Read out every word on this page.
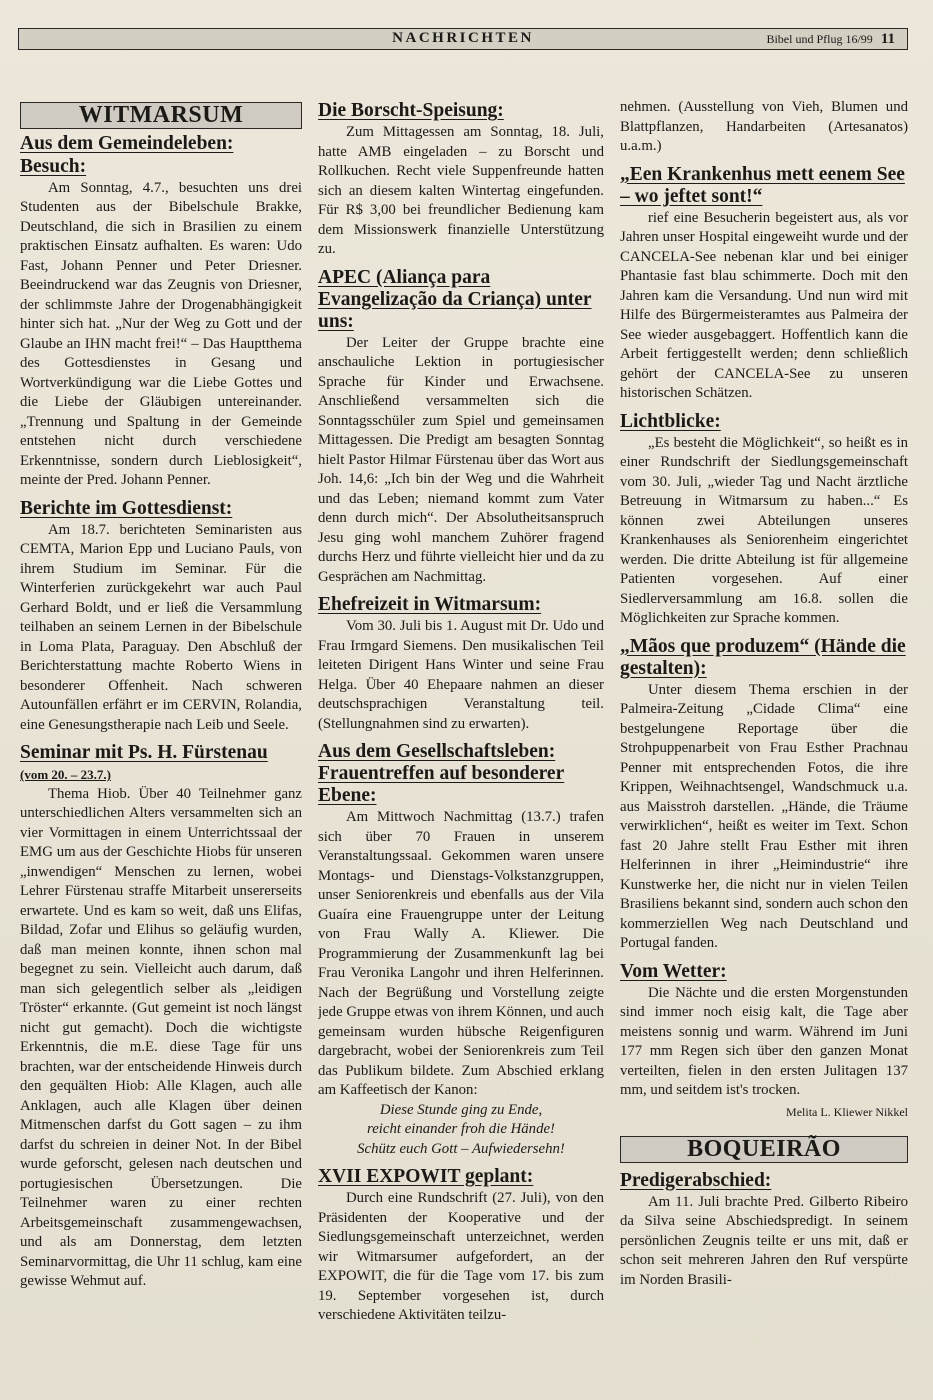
NACHRICHTEN	Bibel und Pflug 16/99 11
WITMARSUM
Aus dem Gemeindeleben:
Besuch:

Am Sonntag, 4.7., besuchten uns drei Studenten aus der Bibelschule Brakke, Deutschland, die sich in Brasilien zu einem praktischen Einsatz aufhalten. Es waren: Udo Fast, Johann Penner und Peter Driesner. Beeindruckend war das Zeugnis von Driesner, der schlimmste Jahre der Drogenabhängigkeit hinter sich hat. „Nur der Weg zu Gott und der Glaube an IHN macht frei!“ – Das Hauptthema des Gottesdienstes in Gesang und Wortverkündigung war die Liebe Gottes und die Liebe der Gläubigen untereinander. „Trennung und Spaltung in der Gemeinde entstehen nicht durch verschiedene Erkenntnisse, sondern durch Lieblosigkeit“, meinte der Pred. Johann Penner.

Berichte im Gottesdienst:

Am 18.7. berichteten Seminaristen aus CEMTA, Marion Epp und Luciano Pauls, von ihrem Studium im Seminar. Für die Winterferien zurückgekehrt war auch Paul Gerhard Boldt, und er ließ die Versammlung teilhaben an seinem Lernen in der Bibelschule in Loma Plata, Paraguay. Den Abschluß der Berichterstattung machte Roberto Wiens in besonderer Offenheit. Nach schweren Autounfällen erfährt er im CERVIN, Rolandia, eine Genesungstherapie nach Leib und Seele.

Seminar mit Ps. H. Fürstenau
(vom 20. – 23.7.)

Thema Hiob. Über 40 Teilnehmer ganz unterschiedlichen Alters versammelten sich an vier Vormittagen in einem Unterrichtssaal der EMG um aus der Geschichte Hiobs für unseren „inwendigen“ Menschen zu lernen, wobei Lehrer Fürstenau straffe Mitarbeit unsererseits erwartete. Und es kam so weit, daß uns Elifas, Bildad, Zofar und Elihus so geläufig wurden, daß man meinen konnte, ihnen schon mal begegnet zu sein. Vielleicht auch darum, daß man sich gelegentlich selber als „leidigen Tröster“ erkannte. (Gut gemeint ist noch längst nicht gut gemacht). Doch die wichtigste Erkenntnis, die m.E. diese Tage für uns brachten, war der entscheidende Hinweis durch den gequälten Hiob: Alle Klagen, auch alle Anklagen, auch alle Klagen über deinen Mitmenschen darfst du Gott sagen – zu ihm darfst du schreien in deiner Not. In der Bibel wurde geforscht, gelesen nach deutschen und portugiesischen Übersetzungen. Die Teilnehmer waren zu einer rechten Arbeitsgemeinschaft zusammengewachsen, und als am Donnerstag, dem letzten Seminarvormittag, die Uhr 11 schlug, kam eine gewisse Wehmut auf.

Die Borscht-Speisung:

Zum Mittagessen am Sonntag, 18. Juli, hatte AMB eingeladen – zu Borscht und Rollkuchen. Recht viele Suppenfreunde hatten sich an diesem kalten Wintertag eingefunden. Für R$ 3,00 bei freundlicher Bedienung kam dem Missionswerk finanzielle Unterstützung zu.

APEC (Aliança para Evangelização da Criança) unter uns:

Der Leiter der Gruppe brachte eine anschauliche Lektion in portugiesischer Sprache für Kinder und Erwachsene. Anschließend versammelten sich die Sonntagsschüler zum Spiel und gemeinsamen Mittagessen. Die Predigt am besagten Sonntag hielt Pastor Hilmar Fürstenau über das Wort aus Joh. 14,6: „Ich bin der Weg und die Wahrheit und das Leben; niemand kommt zum Vater denn durch mich“. Der Absolutheitsanspruch Jesu ging wohl manchem Zuhörer fragend durchs Herz und führte vielleicht hier und da zu Gesprächen am Nachmittag.

Ehefreizeit in Witmarsum:

Vom 30. Juli bis 1. August mit Dr. Udo und Frau Irmgard Siemens. Den musikalischen Teil leiteten Dirigent Hans Winter und seine Frau Helga. Über 40 Ehepaare nahmen an dieser deutschsprachigen Veranstaltung teil. (Stellungnahmen sind zu erwarten).

Aus dem Gesellschaftsleben: Frauentreffen auf besonderer Ebene:

Am Mittwoch Nachmittag (13.7.) trafen sich über 70 Frauen in unserem Veranstaltungssaal. Gekommen waren unsere Montags- und Dienstags-Volkstanzgruppen, unser Seniorenkreis und ebenfalls aus der Vila Guaíra eine Frauengruppe unter der Leitung von Frau Wally A. Kliewer. Die Programmierung der Zusammenkunft lag bei Frau Veronika Langohr und ihren Helferinnen. Nach der Begrüßung und Vorstellung zeigte jede Gruppe etwas von ihrem Können, und auch gemeinsam wurden hübsche Reigenfiguren dargebracht, wobei der Seniorenkreis zum Teil das Publikum bildete. Zum Abschied erklang am Kaffeetisch der Kanon:

Diese Stunde ging zu Ende,

reicht einander froh die Hände!

Schütz euch Gott – Aufwiedersehn!

XVII EXPOWIT geplant:

Durch eine Rundschrift (27. Juli), von den Präsidenten der Kooperative und der Siedlungsgemeinschaft unterzeichnet, werden wir Witmarsumer aufgefordert, an der EXPOWIT, die für die Tage vom 17. bis zum 19. September vorgesehen ist, durch verschiedene Aktivitäten teilzu-

nehmen. (Ausstellung von Vieh, Blumen und Blattpflanzen, Handarbeiten (Artesanatos) u.a.m.)

„Een Krankenhus mett eenem See – wo jeftet sont!“

rief eine Besucherin begeistert aus, als vor Jahren unser Hospital eingeweiht wurde und der CANCELA-See nebenan klar und bei einiger Phantasie fast blau schimmerte. Doch mit den Jahren kam die Versandung. Und nun wird mit Hilfe des Bürgermeisteramtes aus Palmeira der See wieder ausgebaggert. Hoffentlich kann die Arbeit fertiggestellt werden; denn schließlich gehört der CANCELA-See zu unseren historischen Schätzen.

Lichtblicke:

„Es besteht die Möglichkeit“, so heißt es in einer Rundschrift der Siedlungsgemeinschaft vom 30. Juli, „wieder Tag und Nacht ärztliche Betreuung in Witmarsum zu haben...“ Es können zwei Abteilungen unseres Krankenhauses als Seniorenheim eingerichtet werden. Die dritte Abteilung ist für allgemeine Patienten vorgesehen. Auf einer Siedlerversammlung am 16.8. sollen die Möglichkeiten zur Sprache kommen.

„Mãos que produzem“ (Hände die gestalten):

Unter diesem Thema erschien in der Palmeira-Zeitung „Cidade Clima“ eine bestgelungene Reportage über die Strohpuppenarbeit von Frau Esther Prachnau Penner mit entsprechenden Fotos, die ihre Krippen, Weihnachtsengel, Wandschmuck u.a. aus Maisstroh darstellen. „Hände, die Träume verwirklichen“, heißt es weiter im Text. Schon fast 20 Jahre stellt Frau Esther mit ihren Helferinnen in ihrer „Heimindustrie“ ihre Kunstwerke her, die nicht nur in vielen Teilen Brasiliens bekannt sind, sondern auch schon den kommerziellen Weg nach Deutschland und Portugal fanden.

Vom Wetter:

Die Nächte und die ersten Morgenstunden sind immer noch eisig kalt, die Tage aber meistens sonnig und warm. Während im Juni 177 mm Regen sich über den ganzen Monat verteilten, fielen in den ersten Julitagen 137 mm, und seitdem ist's trocken.

Melita L. Kliewer Nikkel
BOQUEIRÃO
Predigerabschied:

Am 11. Juli brachte Pred. Gilberto Ribeiro da Silva seine Abschiedspredigt. In seinem persönlichen Zeugnis teilte er uns mit, daß er schon seit mehreren Jahren den Ruf verspürte im Norden Brasili-
